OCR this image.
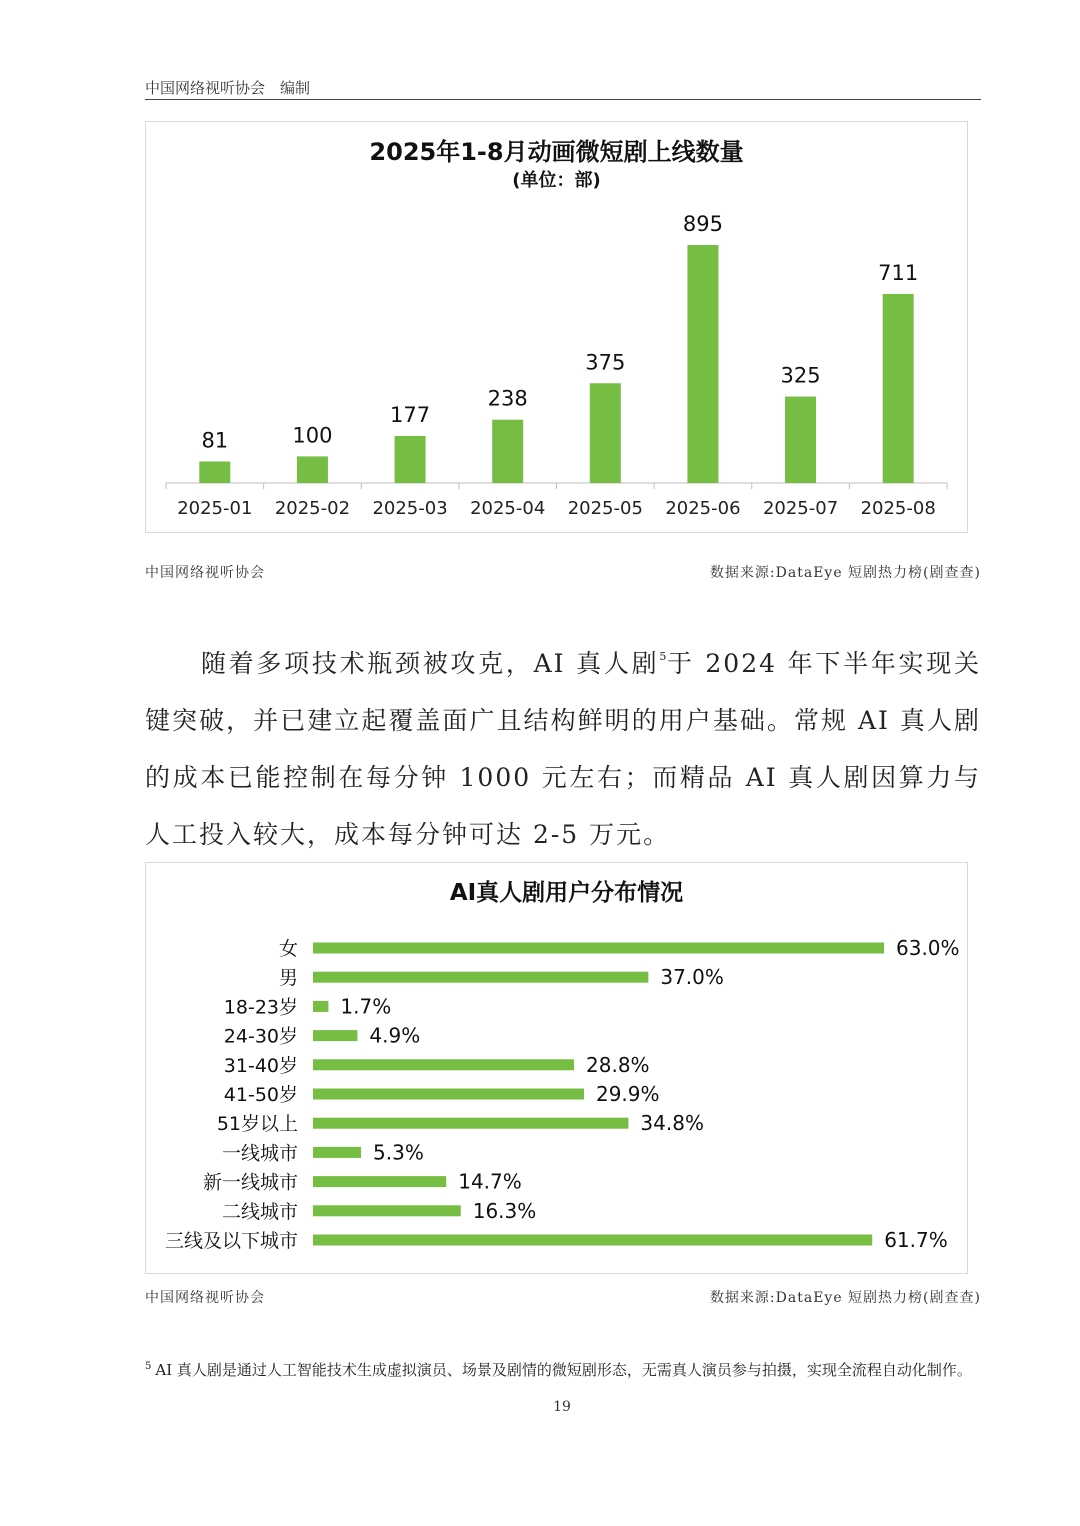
中国网络视听协会　编制
2025年1-8月动画微短剧上线数量
(单位：部)
81
2025-01
100
2025-02
177
2025-03
238
2025-04
375
2025-05
895
2025-06
325
2025-07
711
2025-08
中国网络视听协会	数据来源:DataEye 短剧热力榜(剧查查)

随着多项技术瓶颈被攻克，AI 真人剧$^5$于 2024 年下半年实现关键突破，并已建立起覆盖面广且结构鲜明的用户基础。常规 AI 真人剧的成本已能控制在每分钟 1000 元左右；而精品 AI 真人剧因算力与人工投入较大，成本每分钟可达 2-5 万元。

AI真人剧用户分布情况
女	63.0%
男	37.0%
18-23岁 1.7%
24-30岁	4.9%
31-40岁	28.8%
41-50岁	29.9%
51岁以上	34.8%
一线城市	5.3%
新一线城市	14.7%
二线城市	16.3%
三线及以下城市	61.7%
中国网络视听协会	数据来源:DataEye 短剧热力榜(剧查查)
$^5$ AI 真人剧是通过人工智能技术生成虚拟演员、场景及剧情的微短剧形态，无需真人演员参与拍摄，实现全流程自动化制作。
19
